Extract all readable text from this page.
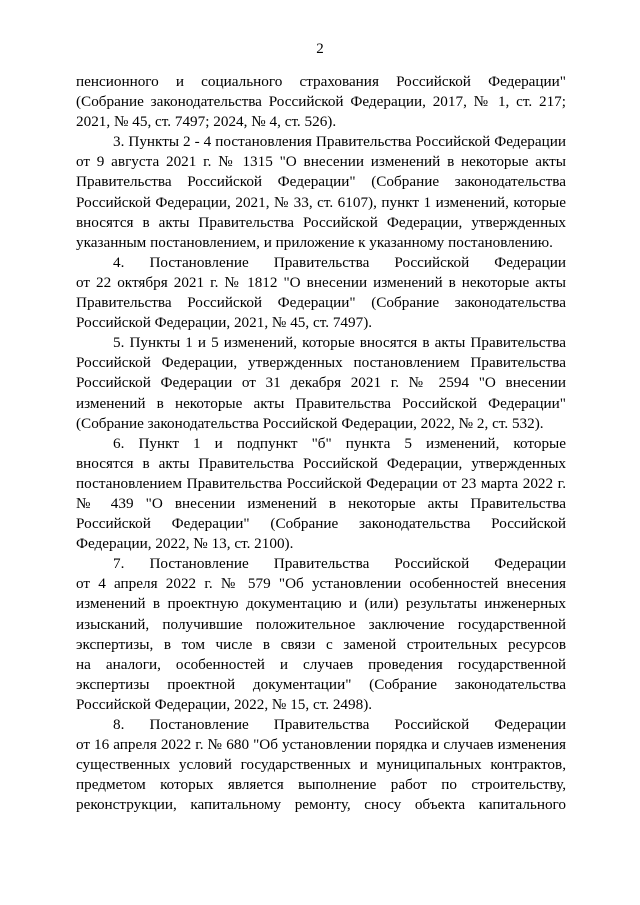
2
пенсионного и социального страхования Российской Федерации"
(Собрание законодательства Российской Федерации, 2017, № 1, ст. 217;
2021, № 45, ст. 7497; 2024, № 4, ст. 526).
3. Пункты 2 - 4 постановления Правительства Российской Федерации
от 9 августа 2021 г. № 1315 "О внесении изменений в некоторые акты
Правительства Российской Федерации" (Собрание законодательства
Российской Федерации, 2021, № 33, ст. 6107), пункт 1 изменений, которые
вносятся в акты Правительства Российской Федерации, утвержденных
указанным постановлением, и приложение к указанному постановлению.
4. Постановление Правительства Российской Федерации
от 22 октября 2021 г. № 1812 "О внесении изменений в некоторые акты
Правительства Российской Федерации" (Собрание законодательства
Российской Федерации, 2021, № 45, ст. 7497).
5. Пункты 1 и 5 изменений, которые вносятся в акты Правительства
Российской Федерации, утвержденных постановлением Правительства
Российской Федерации от 31 декабря 2021 г. № 2594 "О внесении
изменений в некоторые акты Правительства Российской Федерации"
(Собрание законодательства Российской Федерации, 2022, № 2, ст. 532).
6. Пункт 1 и подпункт "б" пункта 5 изменений, которые
вносятся в акты Правительства Российской Федерации, утвержденных
постановлением Правительства Российской Федерации от 23 марта 2022 г.
№ 439 "О внесении изменений в некоторые акты Правительства
Российской Федерации" (Собрание законодательства Российской
Федерации, 2022, № 13, ст. 2100).
7. Постановление Правительства Российской Федерации
от 4 апреля 2022 г. № 579 "Об установлении особенностей внесения
изменений в проектную документацию и (или) результаты инженерных
изысканий, получившие положительное заключение государственной
экспертизы, в том числе в связи с заменой строительных ресурсов
на аналоги, особенностей и случаев проведения государственной
экспертизы проектной документации" (Собрание законодательства
Российской Федерации, 2022, № 15, ст. 2498).
8. Постановление Правительства Российской Федерации
от 16 апреля 2022 г. № 680 "Об установлении порядка и случаев изменения
существенных условий государственных и муниципальных контрактов,
предметом которых является выполнение работ по строительству,
реконструкции, капитальному ремонту, сносу объекта капитального
